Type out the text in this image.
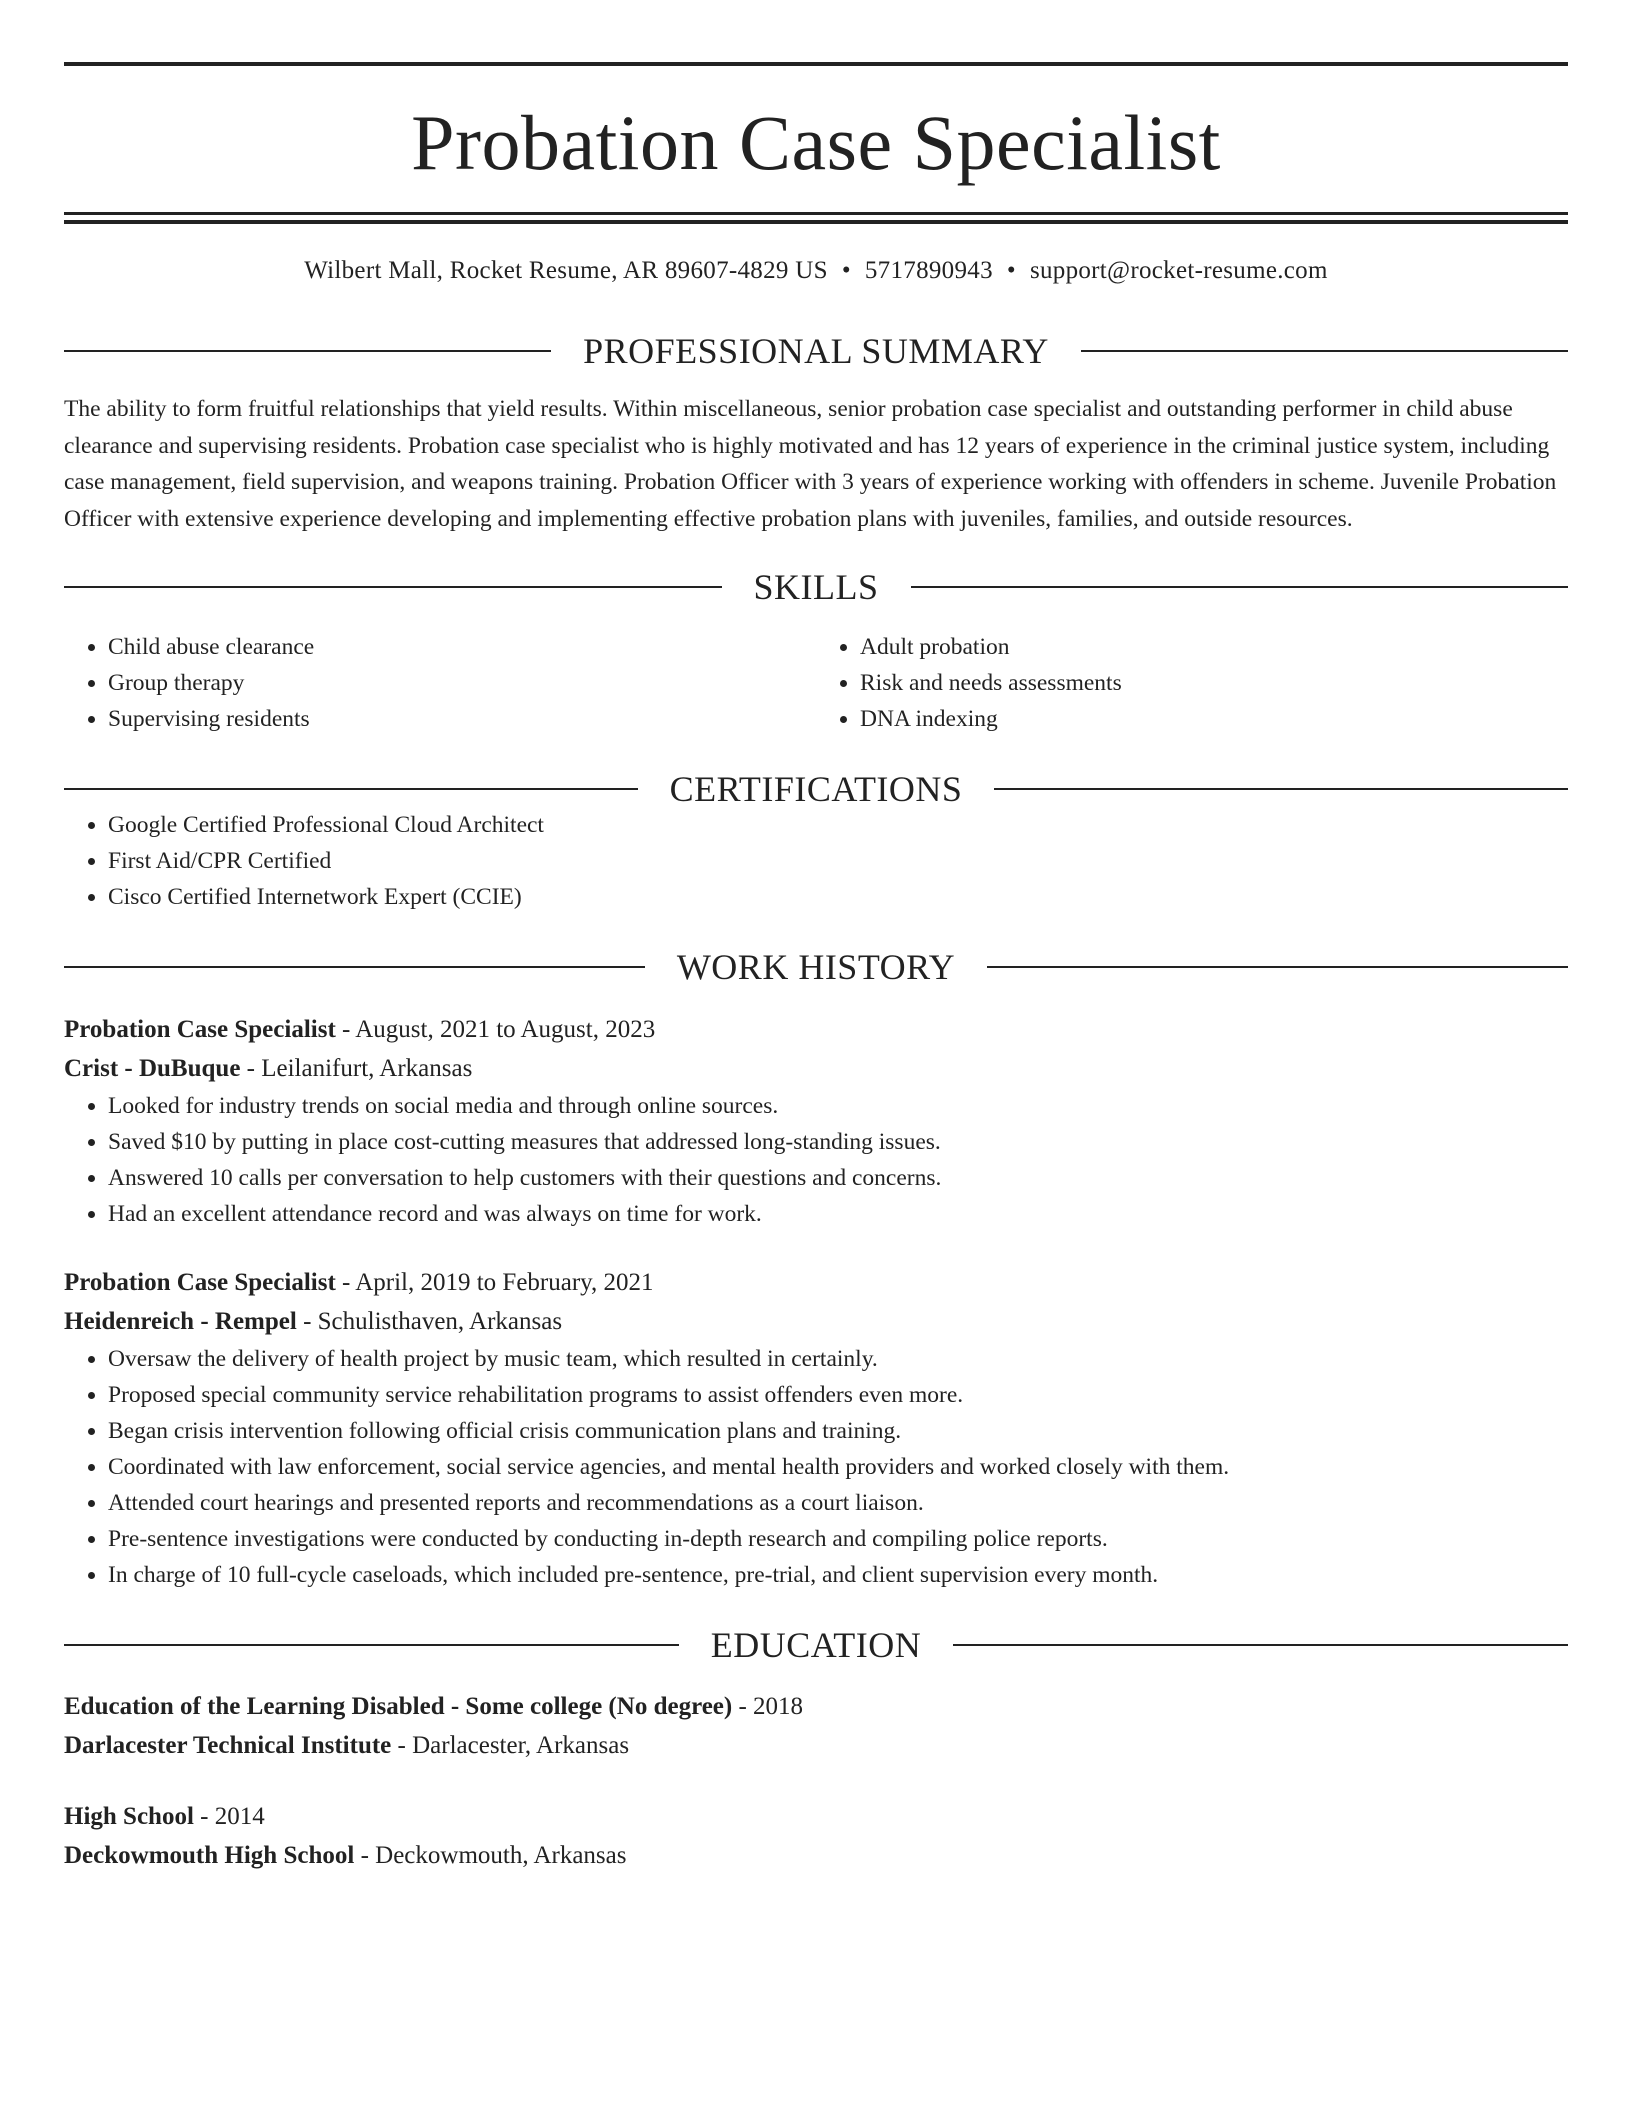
Probation Case Specialist
Wilbert Mall, Rocket Resume, AR 89607-4829 US • 5717890943 • support@rocket-resume.com
PROFESSIONAL SUMMARY

The ability to form fruitful relationships that yield results. Within miscellaneous, senior probation case specialist and outstanding performer in child abuse clearance and supervising residents. Probation case specialist who is highly motivated and has 12 years of experience in the criminal justice system, including case management, field supervision, and weapons training. Probation Officer with 3 years of experience working with offenders in scheme. Juvenile Probation Officer with extensive experience developing and implementing effective probation plans with juveniles, families, and outside resources.

SKILLS
• Child abuse clearance
• Group therapy
• Supervising residents
• Adult probation
• Risk and needs assessments
• DNA indexing
CERTIFICATIONS
• Google Certified Professional Cloud Architect
• First Aid/CPR Certified
• Cisco Certified Internetwork Expert (CCIE)
WORK HISTORY
Probation Case Specialist - August, 2021 to August, 2023
Crist - DuBuque - Leilanifurt, Arkansas
• Looked for industry trends on social media and through online sources.
• Saved $10 by putting in place cost-cutting measures that addressed long-standing issues.
• Answered 10 calls per conversation to help customers with their questions and concerns.
• Had an excellent attendance record and was always on time for work.
Probation Case Specialist - April, 2019 to February, 2021
Heidenreich - Rempel - Schulisthaven, Arkansas
• Oversaw the delivery of health project by music team, which resulted in certainly.
• Proposed special community service rehabilitation programs to assist offenders even more.
• Began crisis intervention following official crisis communication plans and training.
• Coordinated with law enforcement, social service agencies, and mental health providers and worked closely with them.
• Attended court hearings and presented reports and recommendations as a court liaison.
• Pre-sentence investigations were conducted by conducting in-depth research and compiling police reports.
• In charge of 10 full-cycle caseloads, which included pre-sentence, pre-trial, and client supervision every month.
EDUCATION
Education of the Learning Disabled - Some college (No degree) - 2018
Darlacester Technical Institute - Darlacester, Arkansas
High School - 2014
Deckowmouth High School - Deckowmouth, Arkansas
